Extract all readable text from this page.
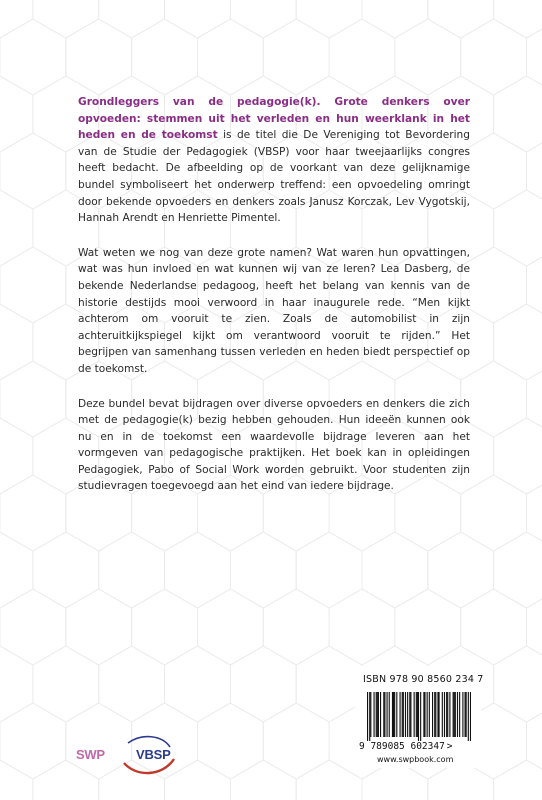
Grondleggers van de pedagogie(k). Grote denkers over opvoeden: stemmen uit het verleden en hun weerklank in het heden en de toekomst is de titel die De Vereniging tot Bevordering van de Studie der Pedagogiek (VBSP) voor haar tweejaarlijks congres heeft bedacht. De afbeelding op de voorkant van deze gelijknamige bundel symboliseert het onderwerp treffend: een opvoedeling omringt door bekende opvoeders en denkers zoals Janusz Korczak, Lev Vygotskij, Hannah Arendt en Henriette Pimentel.

Wat weten we nog van deze grote namen? Wat waren hun opvattingen, wat was hun invloed en wat kunnen wij van ze leren? Lea Dasberg, de bekende Nederlandse pedagoog, heeft het belang van kennis van de historie destijds mooi verwoord in haar inaugurele rede. “Men kijkt achterom om vooruit te zien. Zoals de automobilist in zijn achteruitkijkspiegel kijkt om verantwoord vooruit te rijden.” Het begrijpen van samenhang tussen verleden en heden biedt perspectief op de toekomst.

Deze bundel bevat bijdragen over diverse opvoeders en denkers die zich met de pedagogie(k) bezig hebben gehouden. Hun ideeën kunnen ook nu en in de toekomst een waardevolle bijdrage leveren aan het vormgeven van pedagogische praktijken. Het boek kan in opleidingen Pedagogiek, Pabo of Social Work worden gebruikt. Voor studenten zijn studievragen toegevoegd aan het eind van iedere bijdrage.

ISBN 978 90 8560 234 7
9 789085 602347 >
www.swpbook.com
SWP VBSP
